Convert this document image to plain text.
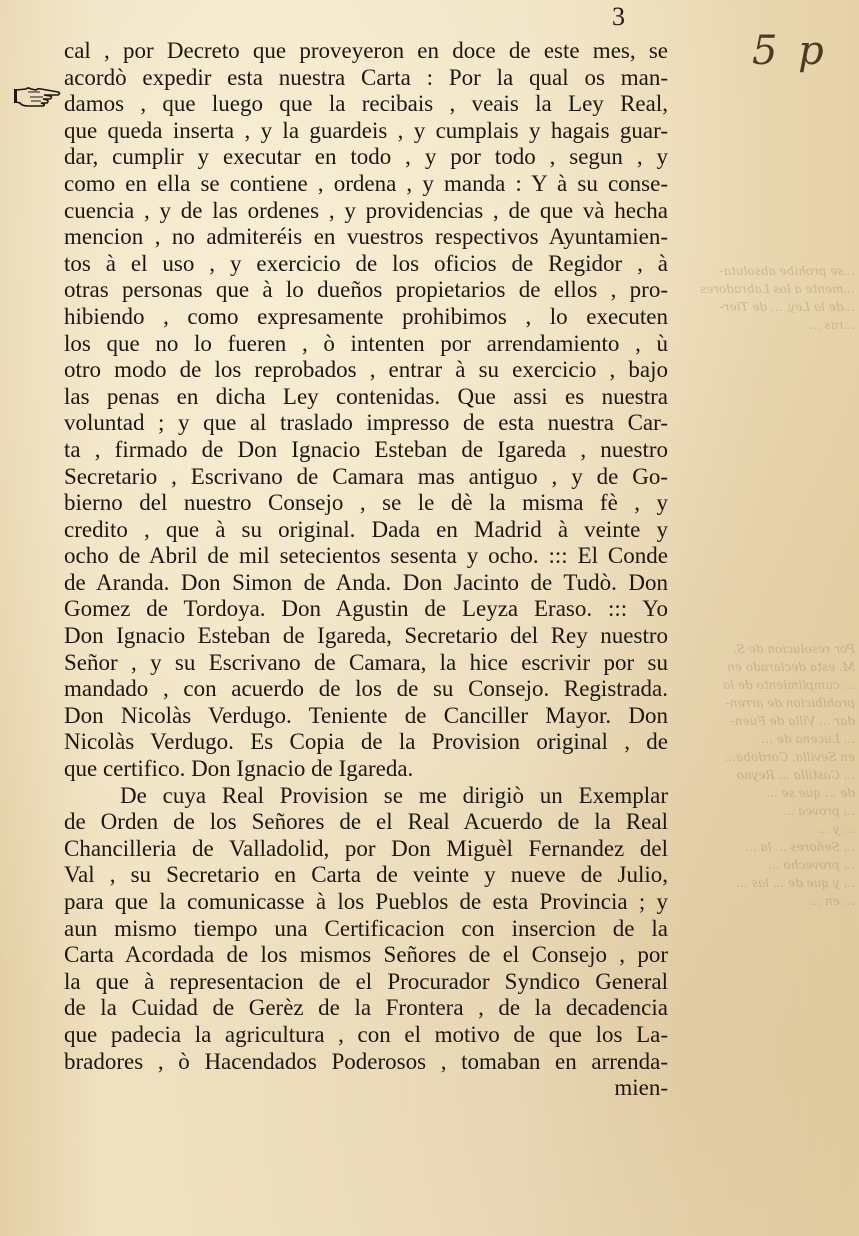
...se prohibe absoluta-
...mente a los Labradores
...de la Ley, ... de Tier-
...ras ...
Por resolucion de S.
M. esta declarado en
... cumplimiento de la
prohibicion de arren-
dar ... Villa de Fuen-
... Lucena de ...
en Sevilla, Cordoba...
... Castilla ... Reyno
de ... que se ...
... provea ...
... y ...
... Señores ... la ...
... provecho ...
... y que de ... las ...
... en ...
3
5 p
cal , por Decreto que proveyeron en doce de este mes, se
acordò expedir esta nuestra Carta : Por la qual os man-
damos , que luego que la recibais , veais la Ley Real,
que queda inserta , y la guardeis , y cumplais y hagais guar-
dar, cumplir y executar en todo , y por todo , segun , y
como en ella se contiene , ordena , y manda : Y à su conse-
cuencia , y de las ordenes , y providencias , de que và hecha
mencion , no admiteréis en vuestros respectivos Ayuntamien-
tos à el uso , y exercicio de los oficios de Regidor , à
otras personas que à lo dueños propietarios de ellos , pro-
hibiendo , como expresamente prohibimos , lo executen
los que no lo fueren , ò intenten por arrendamiento , ù
otro modo de los reprobados , entrar à su exercicio , bajo
las penas en dicha Ley contenidas. Que assi es nuestra
voluntad ; y que al traslado impresso de esta nuestra Car-
ta , firmado de Don Ignacio Esteban de Igareda , nuestro
Secretario , Escrivano de Camara mas antiguo , y de Go-
bierno del nuestro Consejo , se le dè la misma fè , y
credito , que à su original. Dada en Madrid à veinte y
ocho de Abril de mil setecientos sesenta y ocho. ::: El Conde
de Aranda. Don Simon de Anda. Don Jacinto de Tudò. Don
Gomez de Tordoya. Don Agustin de Leyza Eraso. ::: Yo
Don Ignacio Esteban de Igareda, Secretario del Rey nuestro
Señor , y su Escrivano de Camara, la hice escrivir por su
mandado , con acuerdo de los de su Consejo. Registrada.
Don Nicolàs Verdugo. Teniente de Canciller Mayor. Don
Nicolàs Verdugo. Es Copia de la Provision original , de
que certifico. Don Ignacio de Igareda.
De cuya Real Provision se me dirigiò un Exemplar
de Orden de los Señores de el Real Acuerdo de la Real
Chancilleria de Valladolid, por Don Miguèl Fernandez del
Val , su Secretario en Carta de veinte y nueve de Julio,
para que la comunicasse à los Pueblos de esta Provincia ; y
aun mismo tiempo una Certificacion con insercion de la
Carta Acordada de los mismos Señores de el Consejo , por
la que à representacion de el Procurador Syndico General
de la Cuidad de Gerèz de la Frontera , de la decadencia
que padecia la agricultura , con el motivo de que los La-
bradores , ò Hacendados Poderosos , tomaban en arrenda-
mien-
